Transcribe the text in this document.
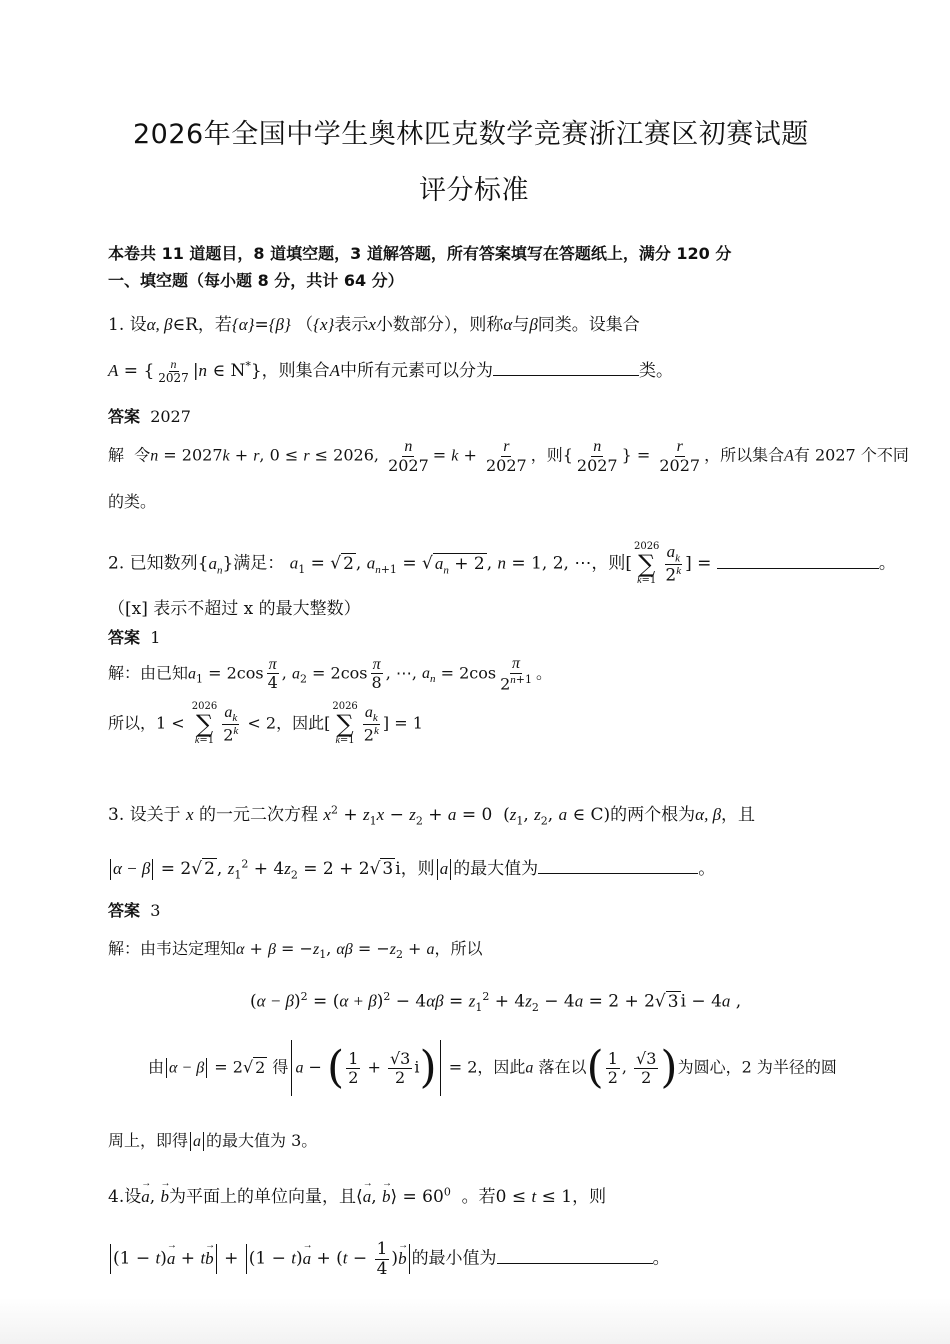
2026年全国中学生奥林匹克数学竞赛浙江赛区初赛试题
评分标准
本卷共 11 道题目，8 道填空题，3 道解答题，所有答案填写在答题纸上，满分 120 分
一、填空题（每小题 8 分，共计 64 分）
1. 设α, β∈R，若{α}={β} （{x}表示x小数部分），则称α与β同类。设集合
A = { $\frac{n}{2027} |n$ ∈ N*}，则集合A中所有元素可以分为	类。
答案 2027
解 令n = 2027k + r, 0 ≤ r ≤ 2026, $\frac{n}{2027} = k + \frac{r}{2027}$ ，则{ $\frac{n}{2027}$ } = $\frac{r}{2027}$ ，所以集合A有 2027 个不同
的类。
2. 已知数列$\{a_n\}$满足： $a_1$ = √ 2 , $a_{n+1}$ = √ $a_n + 2$ , n = 1, 2, ⋯，则[
2026
∑
$k=1 \frac{a_k}{2^k}$ ] =	。
（[x] 表示不超过 x 的最大整数）
答案 1
解：由已知$a_1 = 2\cos \frac{\pi}{4}$ , $a_2 = 2\cos \frac{\pi}{8}$ , ⋯, $a_n = 2\cos \frac{\pi}{2^{n+1}}$ 。
所以，1 <
2026
∑
$k=1 \frac{a_k}{2^k} < 2$，因此[
2026
∑
$k=1 \frac{a_k}{2^k}$ ] = 1
3. 设关于 x 的一元二次方程 $x^2 + z_1x - z_2 + a = 0$  ($z_1$, $z_2$, a ∈ C)的两个根为α, β，且
α − β = 2√ 2 , $z_1^2 + 4z_2 = 2 + 2√$ 3 i，则 a 的最大值为	。
答案 3
解：由韦达定理知$\alpha + \beta = -z_1$, $\alpha\beta = -z_2 + a$，所以
$(\alpha - \beta)^2 = (\alpha + \beta)^2 - 4\alpha\beta = z_1^2 + 4z_2 - 4a = 2 + 2√$ 3 i − 4a ,
由 α − β = 2√ 2 得 a − ( $\frac{1}{2} + \frac{√3}{2} i) = 2$，因此a 落在以( $\frac{1}{2}$ , $\frac{√3}{2}$ )为圆心，2 为半径的圆
周上，即得 a 的最大值为 3。
4.设→ a, → b为平面上的单位向量，且⟨→ a, → b⟩ = $60^0$ 。若0 ≤ t ≤ 1，则
$(1 - t)\to a + t\to b + (1 - t)\to a + (t - \frac{1}{4}$ )→ b 的最小值为	。
